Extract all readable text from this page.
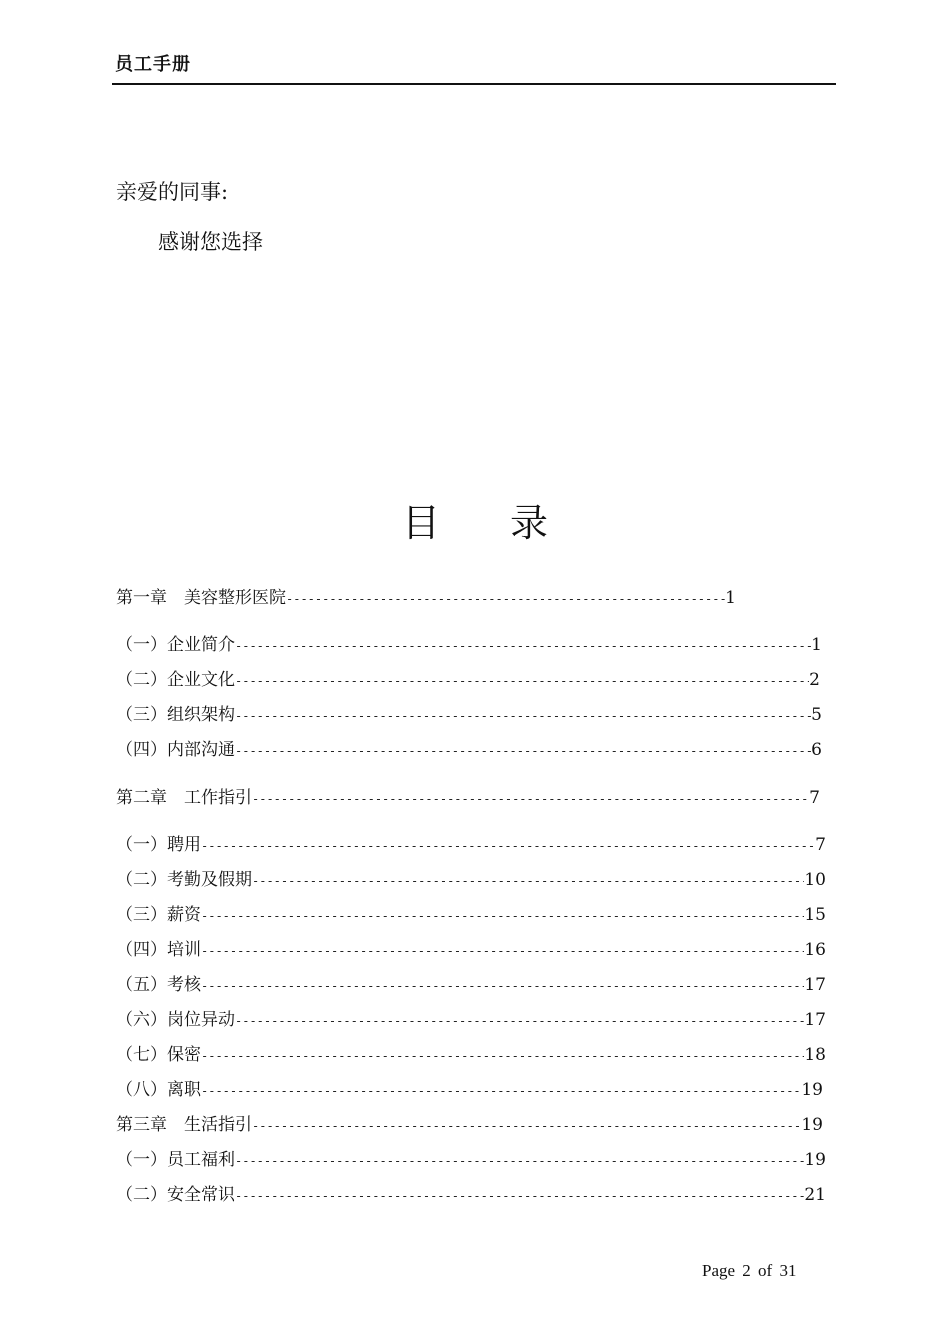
员工手册
亲爱的同事:
感谢您选择
目 录
第一章　美容整形医院 -----	1
（一）企业简介 -----	1
（二）企业文化 -----	2
（三）组织架构 -----	5
（四）内部沟通 -----	6
第二章　工作指引 -----	7
（一）聘用 -----	7
（二）考勤及假期 -----	10
（三）薪资 -----	15
（四）培训 -----	16
（五）考核 -----	17
（六）岗位异动 -----	17
（七）保密 -----	18
（八）离职 -----	19
第三章　生活指引 -----	19
（一）员工福利 -----	19
（二）安全常识 -----	21
Page 2 of 31
